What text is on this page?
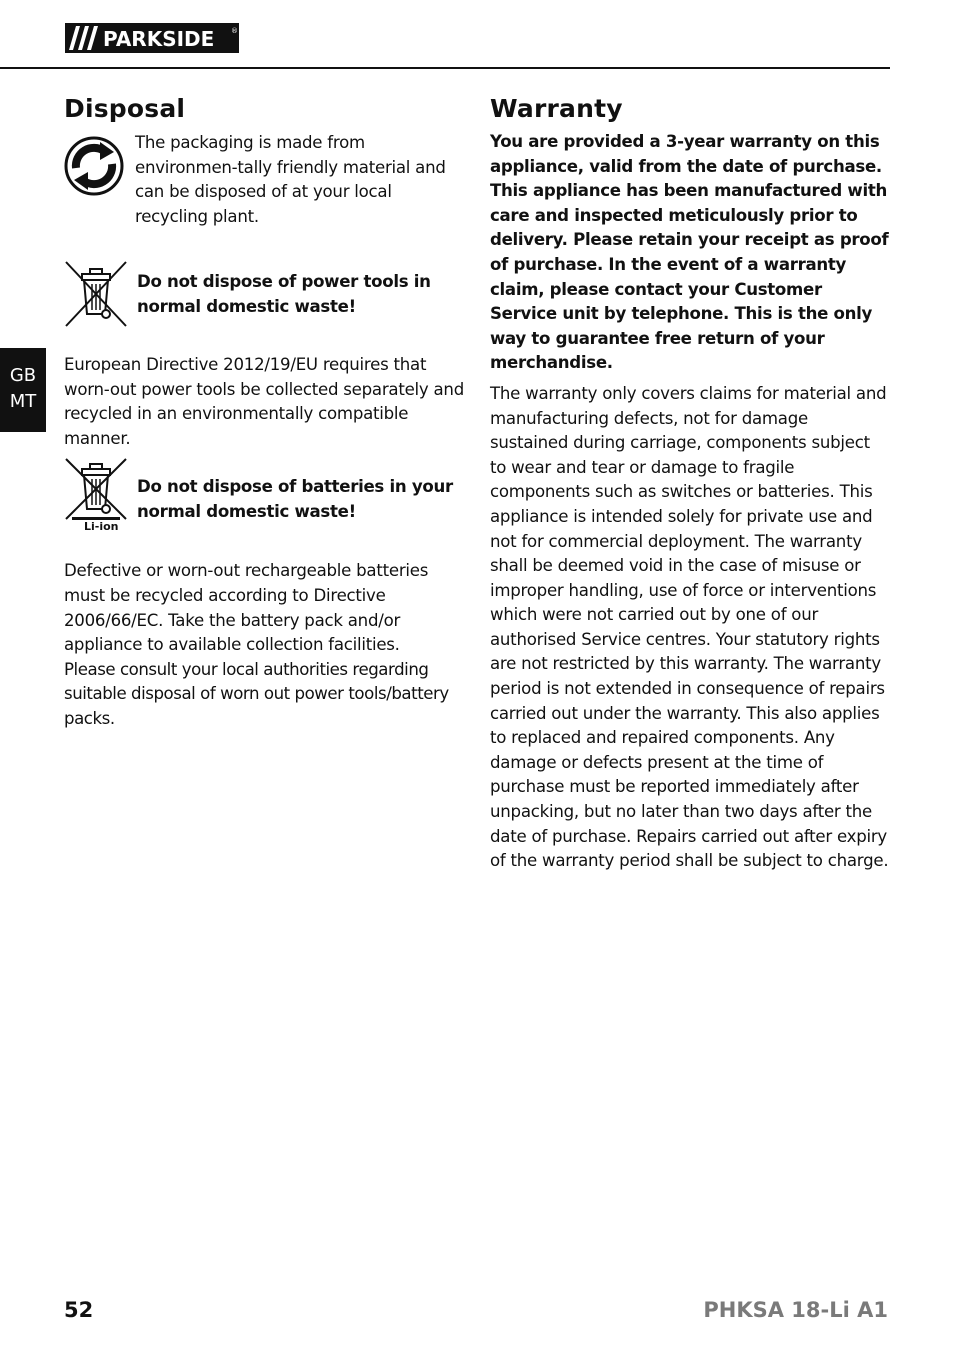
PARKSIDE ®
GB
MT
Disposal

The packaging is made from environmen-tally friendly material and can be disposed of at your local recycling plant.

Do not dispose of power tools in normal domestic waste!

European Directive 2012/19/EU requires that worn-out power tools be collected separately and recycled in an environmentally compatible manner.

Li-ion

Do not dispose of batteries in your normal domestic waste!

Defective or worn-out rechargeable batteries must be recycled according to Directive 2006/66/EC. Take the battery pack and/or appliance to available collection facilities.

Please consult your local authorities regarding suitable disposal of worn out power tools/battery packs.

Warranty

You are provided a 3-year warranty on this appliance, valid from the date of purchase. This appliance has been manufactured with care and inspected meticulously prior to delivery. Please retain your receipt as proof of purchase. In the event of a warranty claim, please contact your Customer Service unit by telephone. This is the only way to guarantee free return of your merchandise.

The warranty only covers claims for material and manufacturing defects, not for damage sustained during carriage, components subject to wear and tear or damage to fragile components such as switches or batteries. This appliance is intended solely for private use and not for commercial deployment. The warranty shall be deemed void in the case of misuse or improper handling, use of force or interventions which were not carried out by one of our authorised Service centres. Your statutory rights are not restricted by this warranty. The warranty period is not extended in consequence of repairs carried out under the warranty. This also applies to replaced and repaired components. Any damage or defects present at the time of purchase must be reported immediately after unpacking, but no later than two days after the date of purchase. Repairs carried out after expiry of the warranty period shall be subject to charge.

52	PHKSA 18-Li A1
